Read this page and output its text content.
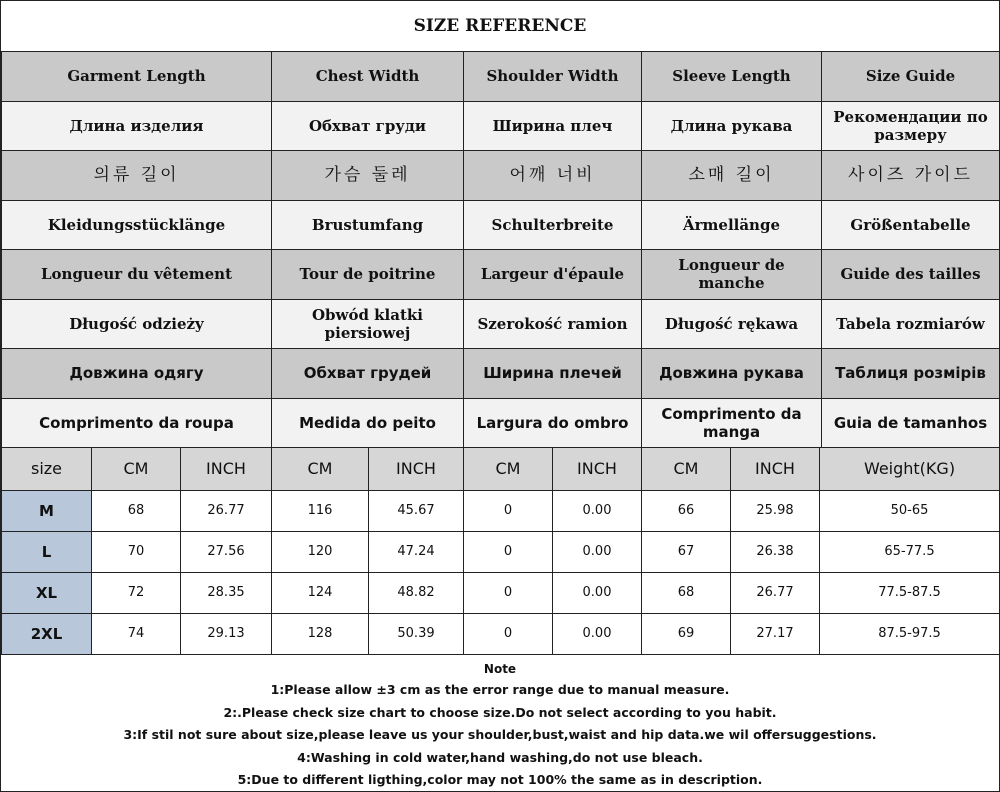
SIZE REFERENCE
Garment Length	Chest Width	Shoulder Width	Sleeve Length	Size Guide
Длина изделия	Обхват груди	Ширина плеч	Длина рукава	Рекомендации по размеру
의류 길이	가슴 둘레	어깨 너비	소매 길이	사이즈 가이드
Kleidungsstücklänge	Brustumfang	Schulterbreite	Ärmellänge	Größentabelle
Longueur du vêtement	Tour de poitrine	Largeur d'épaule	Longueur de manche	Guide des tailles
Długość odzieży	Obwód klatki piersiowej	Szerokość ramion	Długość rękawa	Tabela rozmiarów
Довжина одягу	Обхват грудей	Ширина плечей	Довжина рукава	Таблиця розмірів
Comprimento da roupa	Medida do peito	Largura do ombro	Comprimento da manga	Guia de tamanhos
size	CM	INCH	CM	INCH	CM	INCH	CM	INCH	Weight(KG)
M	68	26.77	116	45.67	0	0.00	66	25.98	50-65
L	70	27.56	120	47.24	0	0.00	67	26.38	65-77.5
XL	72	28.35	124	48.82	0	0.00	68	26.77	77.5-87.5
2XL	74	29.13	128	50.39	0	0.00	69	27.17	87.5-97.5
Note
1:Please allow ±3 cm as the error range due to manual measure.
2:.Please check size chart to choose size.Do not select according to you habit.
3:If stil not sure about size,please leave us your shoulder,bust,waist and hip data.we wil offersuggestions.
4:Washing in cold water,hand washing,do not use bleach.
5:Due to different ligthing,color may not 100% the same as in description.
